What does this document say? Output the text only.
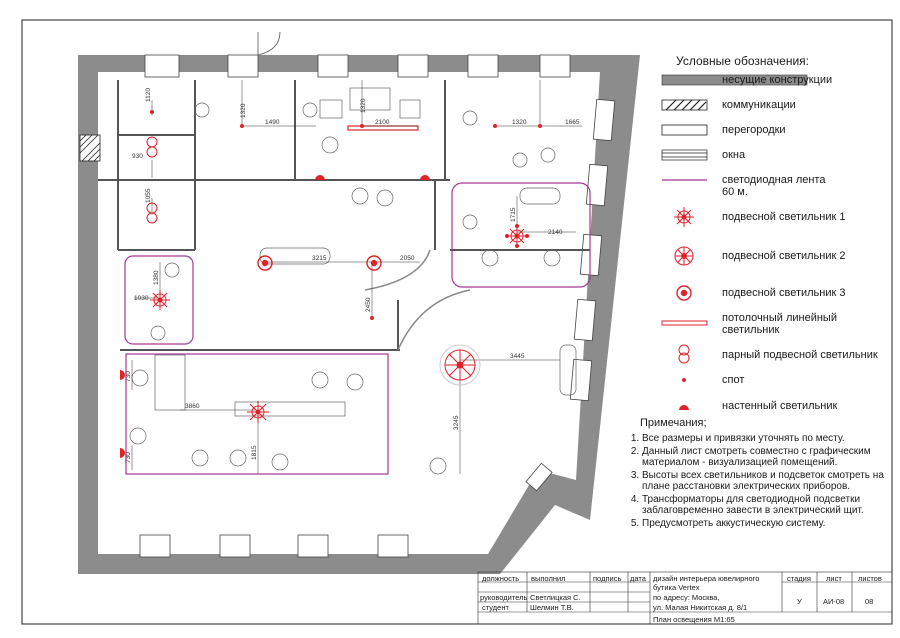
1120
1490
1320
2100
1320
1665
1320
930
1055
1715
2140
3215	2050
1380
1030	2450
3445
730
3860
1815
3245
730
Условные обозначения:
несущие конструкции
коммуникации
перегородки
окна
светодиодная лента
60 м.
подвесной светильник 1
подвесной светильник 2
подвесной светильник 3
потолочный линейный
светильник
парный подвесной светильник
спот
настенный светильник
Примечания;
1. Все размеры и привязки уточнять по месту.
2. Данный лист смотреть совместно с графическим материалом - визуализацией помещений.
3. Высоты всех светильников и подсветок смотреть на плане расстановки электрических приборов.
4. Трансформаторы для светодиодной подсветки заблаговременно завести в электрический щит.
5. Предусмотреть аккустическую систему.
должность выполнил	подпись дата
руководитель Светлицкая С.
студент	Шелмин Т.В.
дизайн интерьера ювелирного бутика Vertex
по адресу: Москва,
ул. Малая Никитская д. 8/1
План освещения М1:65
стадия лист листов
У	АИ-08	08
